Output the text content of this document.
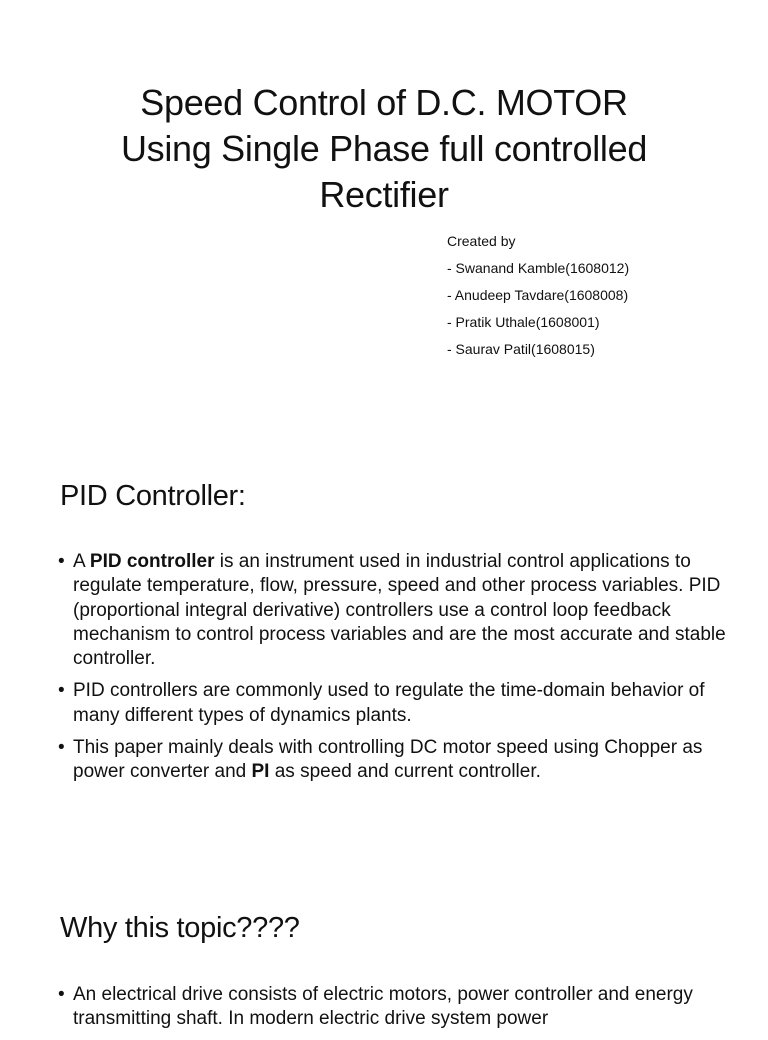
Speed Control of D.C. MOTOR
Using Single Phase full controlled
Rectifier
Created by
- Swanand Kamble(1608012)
- Anudeep Tavdare(1608008)
- Pratik Uthale(1608001)
- Saurav Patil(1608015)
PID Controller:
• A PID controller is an instrument used in industrial control applications to regulate temperature, flow, pressure, speed and other process variables. PID (proportional integral derivative) controllers use a control loop feedback mechanism to control process variables and are the most accurate and stable controller.
• PID controllers are commonly used to regulate the time-domain behavior of many different types of dynamics plants.
• This paper mainly deals with controlling DC motor speed using Chopper as power converter and PI as speed and current controller.
Why this topic????
• An electrical drive consists of electric motors, power controller and energy transmitting shaft. In modern electric drive system power
